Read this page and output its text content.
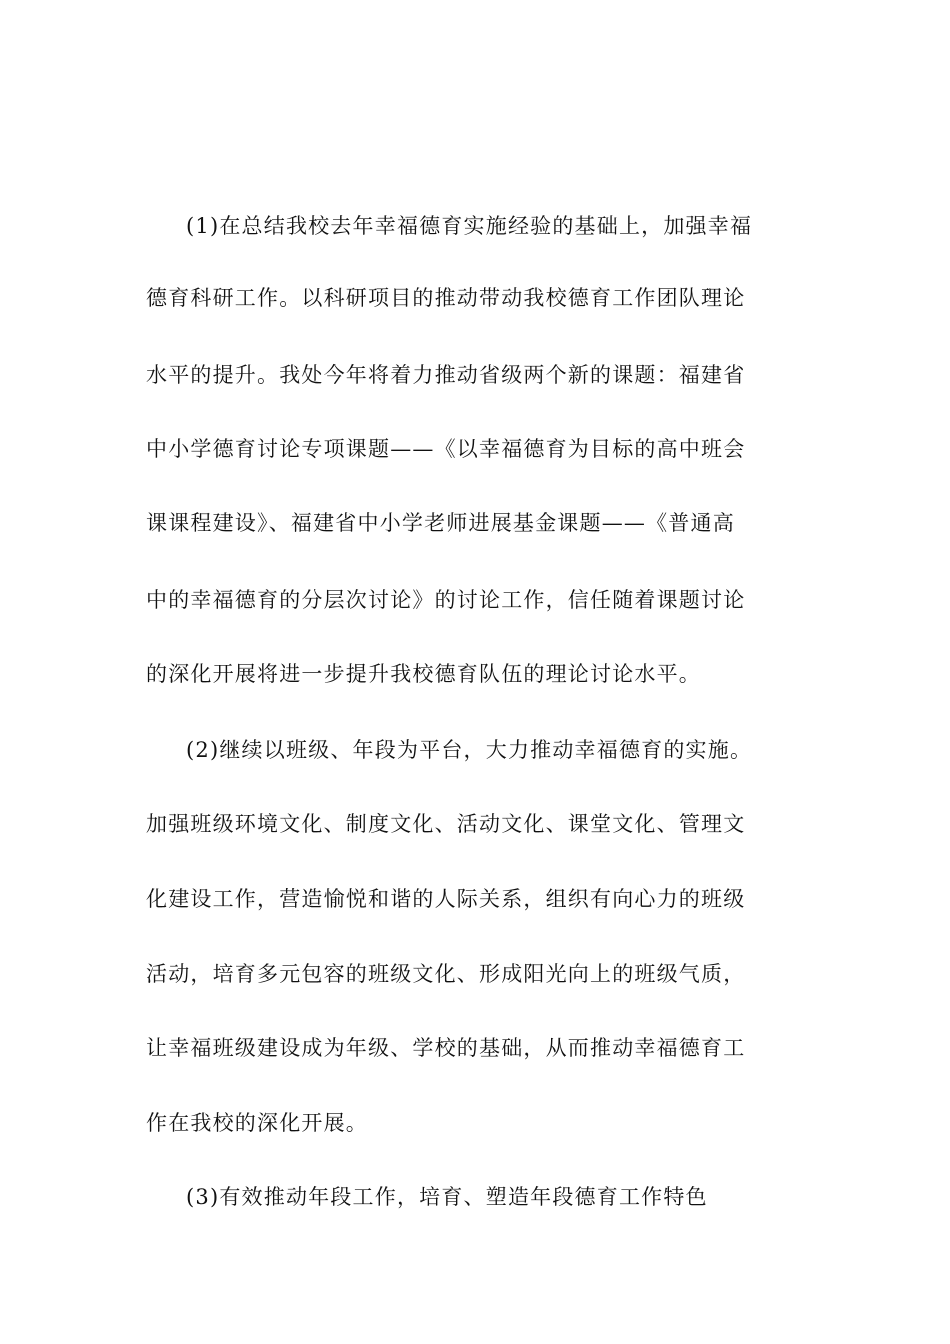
(1)在总结我校去年幸福德育实施经验的基础上，加强幸福
德育科研工作。以科研项目的推动带动我校德育工作团队理论
水平的提升。我处今年将着力推动省级两个新的课题：福建省
中小学德育讨论专项课题——《以幸福德育为目标的高中班会
课课程建设》、福建省中小学老师进展基金课题——《普通高
中的幸福德育的分层次讨论》的讨论工作，信任随着课题讨论
的深化开展将进一步提升我校德育队伍的理论讨论水平。
(2)继续以班级、年段为平台，大力推动幸福德育的实施。
加强班级环境文化、制度文化、活动文化、课堂文化、管理文
化建设工作，营造愉悦和谐的人际关系，组织有向心力的班级
活动，培育多元包容的班级文化、形成阳光向上的班级气质，
让幸福班级建设成为年级、学校的基础，从而推动幸福德育工
作在我校的深化开展。
(3)有效推动年段工作，培育、塑造年段德育工作特色
